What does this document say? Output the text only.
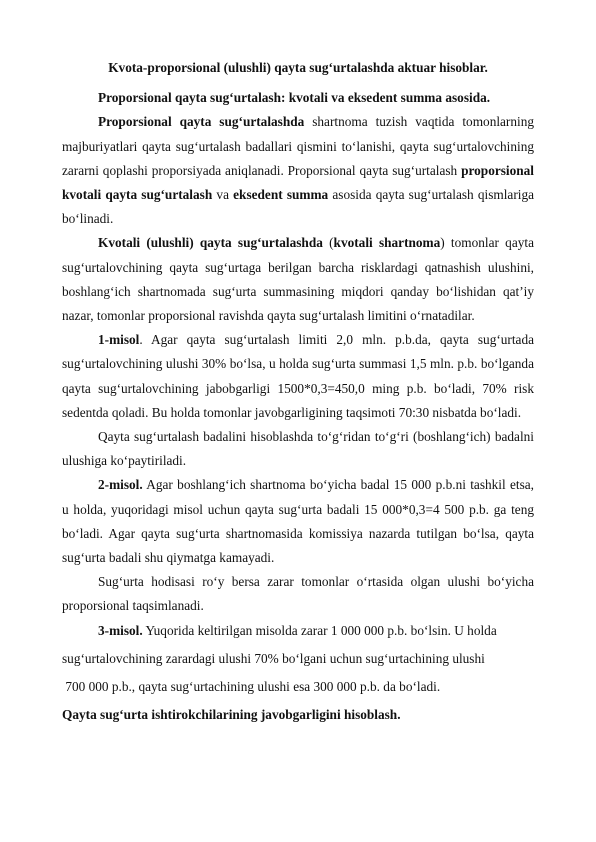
Kvota-proporsional (ulushli) qayta sug‘urtalashda aktuar hisoblar.

Proporsional qayta sug‘urtalash: kvotali va eksedent summa asosida.

Proporsional qayta sug‘urtalashda shartnoma tuzish vaqtida tomonlarning majburiyatlari qayta sug‘urtalash badallari qismini to‘lanishi, qayta sug‘urtalovchining zararni qoplashi proporsiyada aniqlanadi. Proporsional qayta sug‘urtalash proporsional kvotali qayta sug‘urtalash va eksedent summa asosida qayta sug‘urtalash qismlariga bo‘linadi.

Kvotali (ulushli) qayta sug‘urtalashda (kvotali shartnoma) tomonlar qayta sug‘urtalovchining qayta sug‘urtaga berilgan barcha risklardagi qatnashish ulushini, boshlang‘ich shartnomada sug‘urta summasining miqdori qanday bo‘lishidan qat’iy nazar, tomonlar proporsional ravishda qayta sug‘urtalash limitini o‘rnatadilar.

1-misol. Agar qayta sug‘urtalash limiti 2,0 mln. p.b.da, qayta sug‘urtada sug‘urtalovchining ulushi 30% bo‘lsa, u holda sug‘urta summasi 1,5 mln. p.b. bo‘lganda qayta sug‘urtalovchining jabobgarligi 1500*0,3=450,0 ming p.b. bo‘ladi, 70% risk sedentda qoladi. Bu holda tomonlar javobgarligining taqsimoti 70:30 nisbatda bo‘ladi.

Qayta sug‘urtalash badalini hisoblashda to‘g‘ridan to‘g‘ri (boshlang‘ich) badalni ulushiga ko‘paytiriladi.

2-misol. Agar boshlang‘ich shartnoma bo‘yicha badal 15 000 p.b.ni tashkil etsa, u holda, yuqoridagi misol uchun qayta sug‘urta badali 15 000*0,3=4 500 p.b. ga teng bo‘ladi. Agar qayta sug‘urta shartnomasida komissiya nazarda tutilgan bo‘lsa, qayta sug‘urta badali shu qiymatga kamayadi.

Sug‘urta hodisasi ro‘y bersa zarar tomonlar o‘rtasida olgan ulushi bo‘yicha proporsional taqsimlanadi.

3-misol. Yuqorida keltirilgan misolda zarar 1 000 000 p.b. bo‘lsin. U holda

sug‘urtalovchining zarardagi ulushi 70% bo‘lgani uchun sug‘urtachining ulushi

700 000 p.b., qayta sug‘urtachining ulushi esa 300 000 p.b. da bo‘ladi.

Qayta sug‘urta ishtirokchilarining javobgarligini hisoblash.
